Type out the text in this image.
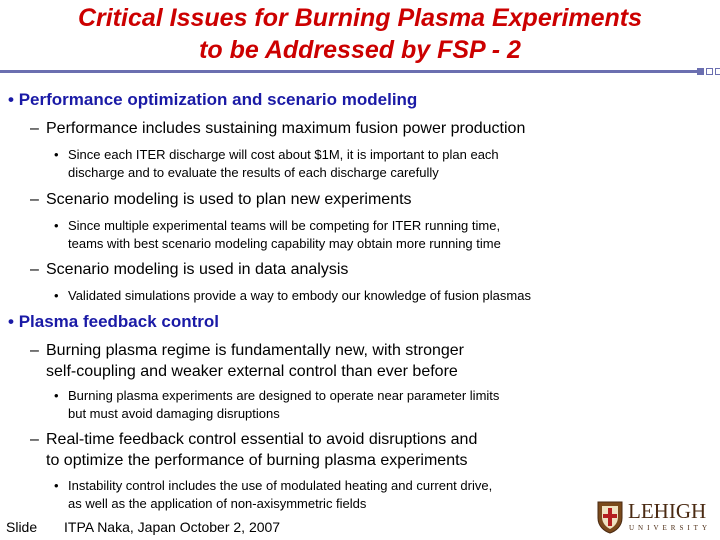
Critical Issues for Burning Plasma Experiments
to be Addressed by FSP - 2
• Performance optimization and scenario modeling
– Performance includes sustaining maximum fusion power production
• Since each ITER discharge will cost about $1M, it is important to plan each
discharge and to evaluate the results of each discharge carefully
– Scenario modeling is used to plan new experiments
• Since multiple experimental teams will be competing for ITER running time,
teams with best scenario modeling capability may obtain more running time
– Scenario modeling is used in data analysis
• Validated simulations provide a way to embody our knowledge of fusion plasmas
• Plasma feedback control
– Burning plasma regime is fundamentally new, with stronger
self-coupling and weaker external control than ever before
• Burning plasma experiments are designed to operate near parameter limits
but must avoid damaging disruptions
– Real-time feedback control essential to avoid disruptions and
to optimize the performance of burning plasma experiments
• Instability control includes the use of modulated heating and current drive,
as well as the application of non-axisymmetric fields
Slide ITPA Naka, Japan October 2, 2007
LEHIGH
UNIVERSITY
